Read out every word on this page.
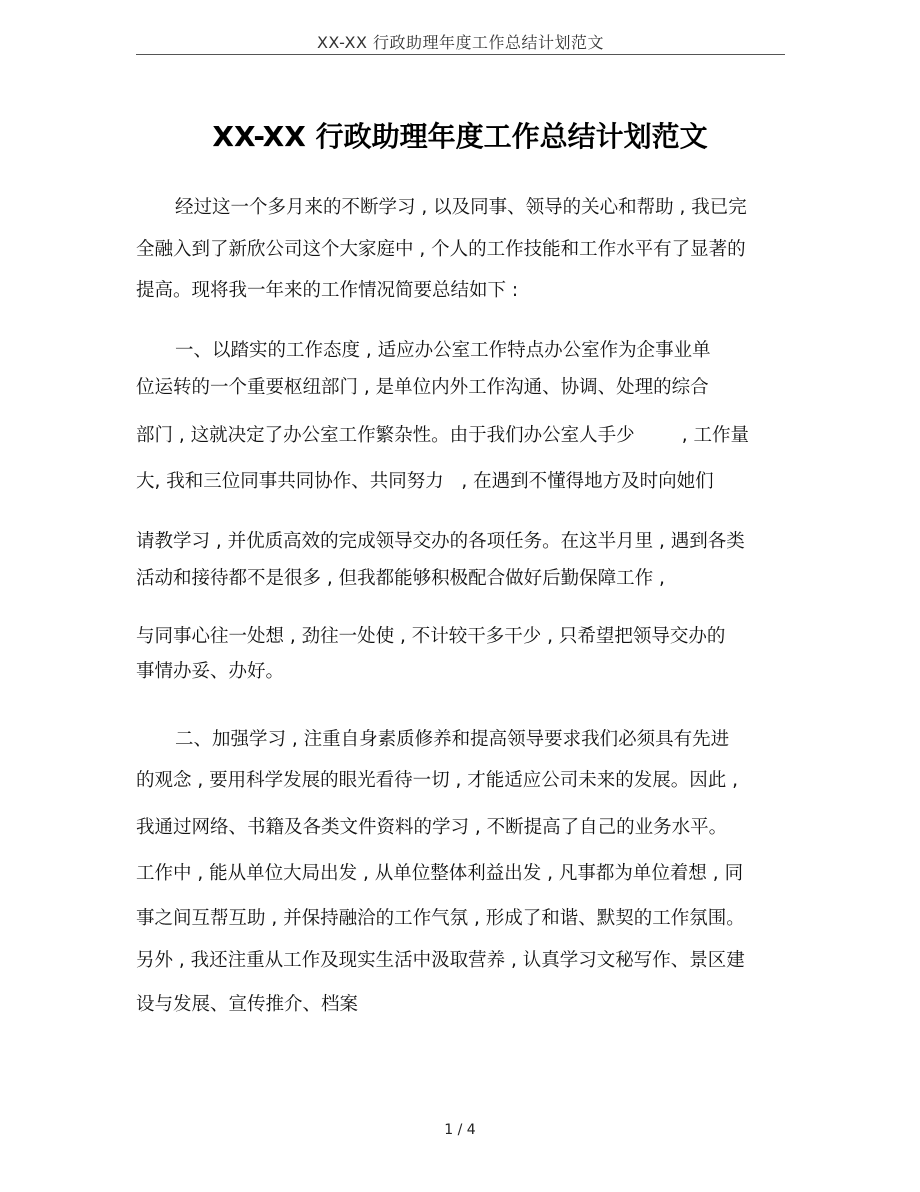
XX-XX 行政助理年度工作总结计划范文
XX-XX 行政助理年度工作总结计划范文
经过这一个多月来的不断学习 , 以及同事、领导的关心和帮助 , 我已完
全融入到了新欣公司这个大家庭中 , 个人的工作技能和工作水平有了显著的
提高。现将我一年来的工作情况简要总结如下 :
一、以踏实的工作态度 , 适应办公室工作特点办公室作为企事业单
位运转的一个重要枢纽部门 , 是单位内外工作沟通、协调、处理的综合
部门 , 这就决定了办公室工作繁杂性。由于我们办公室人手少        , 工作量
大, 我和三位同事共同协作、共同努力   , 在遇到不懂得地方及时向她们
请教学习 , 并优质高效的完成领导交办的各项任务。在这半月里 , 遇到各类
活动和接待都不是很多 , 但我都能够积极配合做好后勤保障工作 ,
与同事心往一处想 , 劲往一处使 , 不计较干多干少 , 只希望把领导交办的
事情办妥、办好。
二、加强学习 , 注重自身素质修养和提高领导要求我们必须具有先进
的观念 , 要用科学发展的眼光看待一切 , 才能适应公司未来的发展。因此 ,
我通过网络、书籍及各类文件资料的学习 , 不断提高了自己的业务水平。
工作中 , 能从单位大局出发 , 从单位整体利益出发 , 凡事都为单位着想 , 同
事之间互帮互助 , 并保持融洽的工作气氛 , 形成了和谐、默契的工作氛围。
另外 , 我还注重从工作及现实生活中汲取营养 , 认真学习文秘写作、景区建
设与发展、宣传推介、档案
1 / 4
